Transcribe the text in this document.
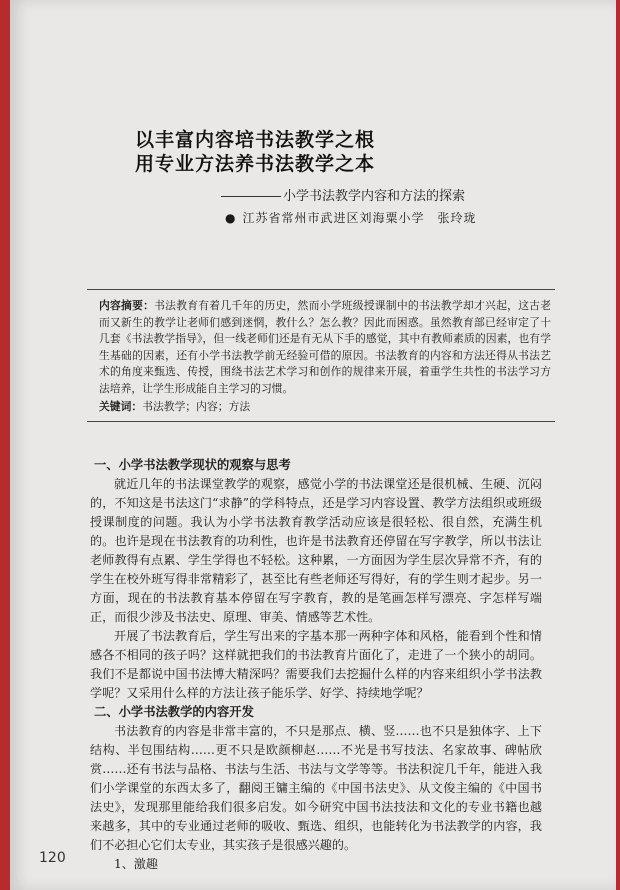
以丰富内容培书法教学之根
用专业方法养书法教学之本
小学书法教学内容和方法的探索
● 江苏省常州市武进区刘海粟小学　张玲珑

内容摘要：书法教育有着几千年的历史，然而小学班级授课制中的书法教学却才兴起，这古老而又新生的教学让老师们感到迷惘，教什么？怎么教？因此而困惑。虽然教育部已经审定了十几套《书法教学指导》，但一线老师们还是有无从下手的感觉，其中有教师素质的因素，也有学生基础的因素，还有小学书法教学前无经验可借的原因。书法教育的内容和方法还得从书法艺术的角度来甄选、传授，围绕书法艺术学习和创作的规律来开展，着重学生共性的书法学习方法培养，让学生形成能自主学习的习惯。

关键词：书法教学；内容；方法

一、小学书法教学现状的观察与思考

就近几年的书法课堂教学的观察，感觉小学的书法课堂还是很机械、生硬、沉闷的，不知这是书法这门“求静”的学科特点，还是学习内容设置、教学方法组织或班级授课制度的问题。我认为小学书法教育教学活动应该是很轻松、很自然，充满生机的。也许是现在书法教育的功利性，也许是书法教育还停留在写字教学，所以书法让老师教得有点累、学生学得也不轻松。这种累，一方面因为学生层次异常不齐，有的学生在校外班写得非常精彩了，甚至比有些老师还写得好，有的学生则才起步。另一方面，现在的书法教育基本停留在写字教育，教的是笔画怎样写漂亮、字怎样写端正，而很少涉及书法史、原理、审美、情感等艺术性。

开展了书法教育后，学生写出来的字基本那一两种字体和风格，能看到个性和情感各不相同的孩子吗？这样就把我们的书法教育片面化了，走进了一个狭小的胡同。我们不是都说中国书法博大精深吗？需要我们去挖掘什么样的内容来组织小学书法教学呢？又采用什么样的方法让孩子能乐学、好学、持续地学呢？

二、小学书法教学的内容开发

书法教育的内容是非常丰富的，不只是那点、横、竖……也不只是独体字、上下结构、半包围结构……更不只是欧颜柳赵……不光是书写技法、名家故事、碑帖欣赏……还有书法与品格、书法与生活、书法与文学等等。书法积淀几千年，能进入我们小学课堂的东西太多了，翻阅王镛主编的《中国书法史》、从文俊主编的《中国书法史》，发现那里能给我们很多启发。如今研究中国书法技法和文化的专业书籍也越来越多，其中的专业通过老师的吸收、甄选、组织，也能转化为书法教学的内容，我们不必担心它们太专业，其实孩子是很感兴趣的。

1、激趣

120
